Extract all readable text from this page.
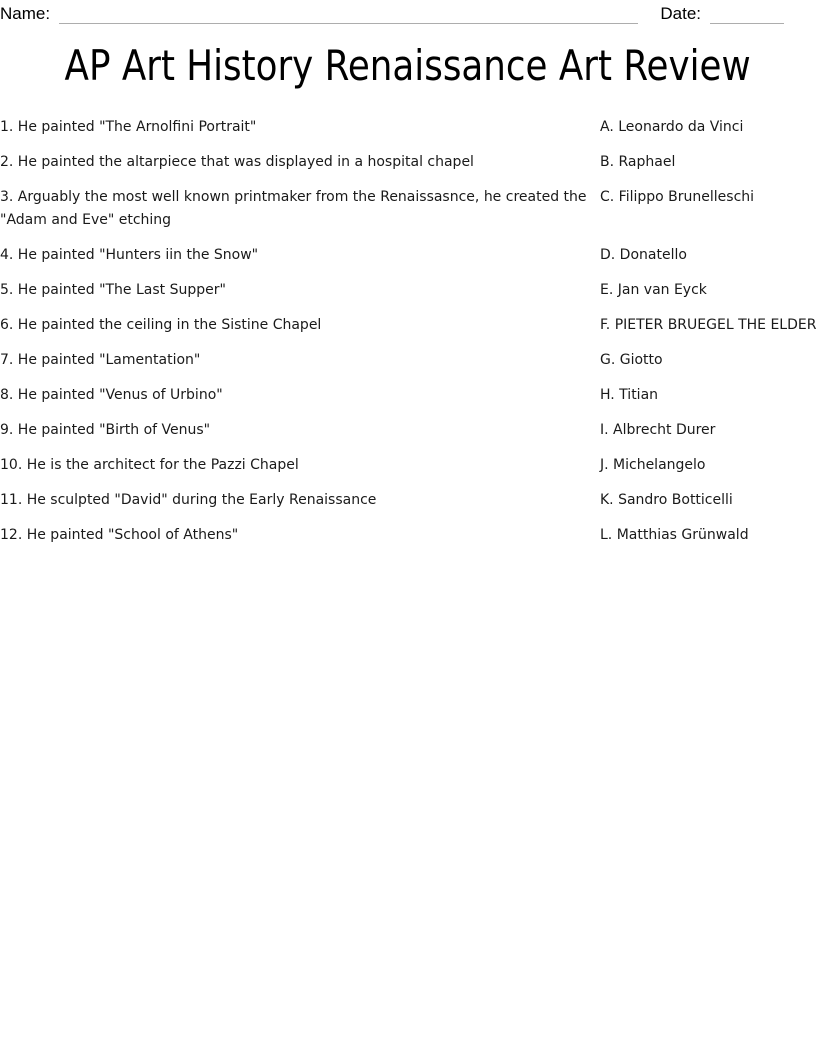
Name:	Date:
AP Art History Renaissance Art Review
1. He painted "The Arnolfini Portrait"	A. Leonardo da Vinci
2. He painted the altarpiece that was displayed in a hospital chapel	B. Raphael
3. Arguably the most well known printmaker from the Renaissasnce, he created the "Adam and Eve" etching
C. Filippo Brunelleschi
4. He painted "Hunters iin the Snow"	D. Donatello
5. He painted "The Last Supper"	E. Jan van Eyck
6. He painted the ceiling in the Sistine Chapel	F. PIETER BRUEGEL THE ELDER
7. He painted "Lamentation"	G. Giotto
8. He painted "Venus of Urbino"	H. Titian
9. He painted "Birth of Venus"	I. Albrecht Durer
10. He is the architect for the Pazzi Chapel	J. Michelangelo
11. He sculpted "David" during the Early Renaissance	K. Sandro Botticelli
12. He painted "School of Athens"	L. Matthias Grünwald
